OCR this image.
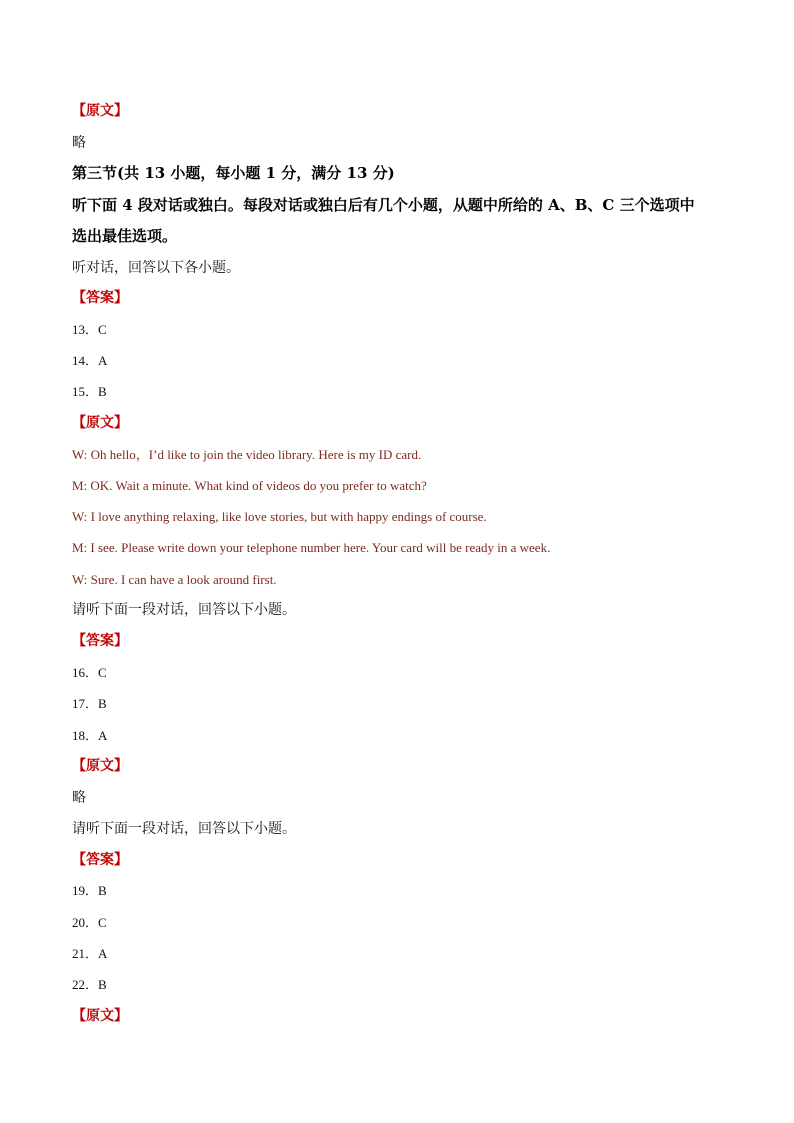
【原文】
略
第三节(共 13 小题，每小题 1 分，满分 13 分)
听下面 4 段对话或独白。每段对话或独白后有几个小题，从题中所给的 A、B、C 三个选项中
选出最佳选项。
听对话，回答以下各小题。
【答案】
13．C
14．A
15．B
【原文】
W: Oh hello，I’d like to join the video library. Here is my ID card.
M: OK. Wait a minute. What kind of videos do you prefer to watch?
W: I love anything relaxing, like love stories, but with happy endings of course.
M: I see. Please write down your telephone number here. Your card will be ready in a week.
W: Sure. I can have a look around first.
请听下面一段对话，回答以下小题。
【答案】
16．C
17．B
18．A
【原文】
略
请听下面一段对话，回答以下小题。
【答案】
19．B
20．C
21．A
22．B
【原文】
